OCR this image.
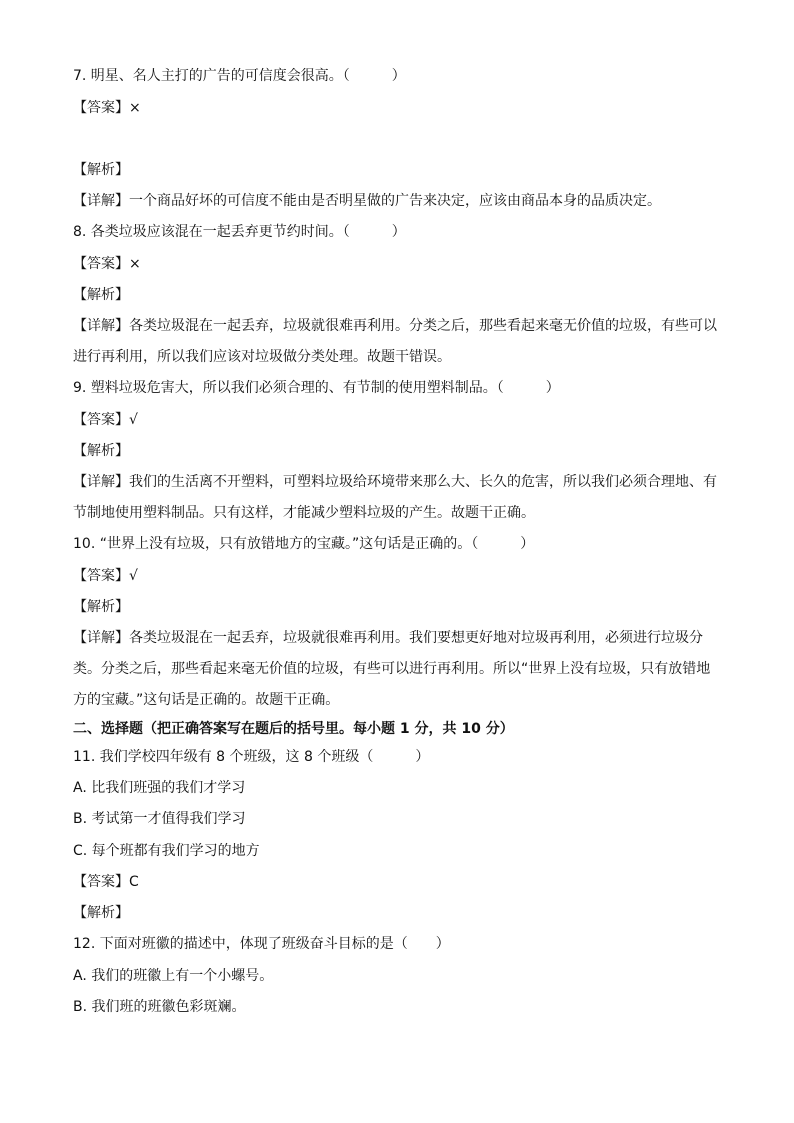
7. 明星、名人主打的广告的可信度会很高。（　　　）
【答案】×
【解析】
【详解】一个商品好坏的可信度不能由是否明星做的广告来决定，应该由商品本身的品质决定。
8. 各类垃圾应该混在一起丢弃更节约时间。（　　　）
【答案】×
【解析】
【详解】各类垃圾混在一起丢弃，垃圾就很难再利用。分类之后，那些看起来毫无价值的垃圾，有些可以
进行再利用，所以我们应该对垃圾做分类处理。故题干错误。
9. 塑料垃圾危害大，所以我们必须合理的、有节制的使用塑料制品。（　　　）
【答案】√
【解析】
【详解】我们的生活离不开塑料，可塑料垃圾给环境带来那么大、长久的危害，所以我们必须合理地、有
节制地使用塑料制品。只有这样，才能减少塑料垃圾的产生。故题干正确。
10. “世界上没有垃圾，只有放错地方的宝藏。”这句话是正确的。（　　　）
【答案】√
【解析】
【详解】各类垃圾混在一起丢弃，垃圾就很难再利用。我们要想更好地对垃圾再利用，必须进行垃圾分
类。分类之后，那些看起来毫无价值的垃圾，有些可以进行再利用。所以“世界上没有垃圾，只有放错地
方的宝藏。”这句话是正确的。故题干正确。
二、选择题（把正确答案写在题后的括号里。每小题 1 分，共 10 分）
11. 我们学校四年级有 8 个班级，这 8 个班级（　　　）
A. 比我们班强的我们才学习
B. 考试第一才值得我们学习
C. 每个班都有我们学习的地方
【答案】C
【解析】
12. 下面对班徽的描述中，体现了班级奋斗目标的是（　　）
A. 我们的班徽上有一个小螺号。
B. 我们班的班徽色彩斑斓。
